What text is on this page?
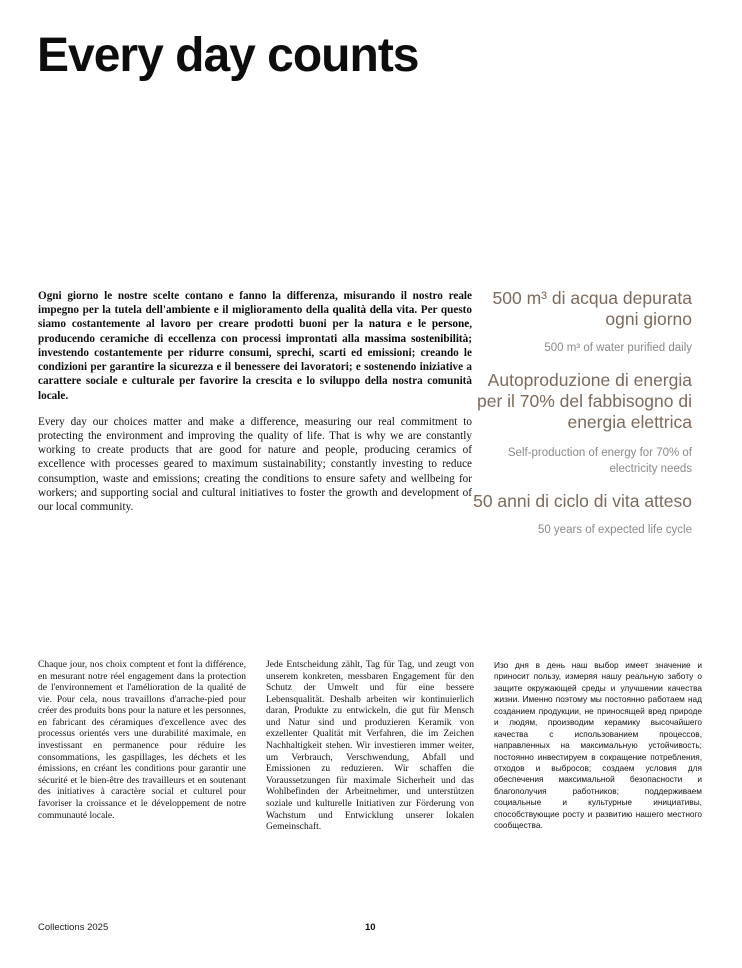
Every day counts

Ogni giorno le nostre scelte contano e fanno la differenza, misurando il nostro reale impegno per la tutela dell'ambiente e il miglioramento della qualità della vita. Per questo siamo costantemente al lavoro per creare prodotti buoni per la natura e le persone, producendo ceramiche di eccellenza con processi improntati alla massima sostenibilità; investendo costantemente per ridurre consumi, sprechi, scarti ed emissioni; creando le condizioni per garantire la sicurezza e il benessere dei lavoratori; e sostenendo iniziative a carattere sociale e culturale per favorire la crescita e lo sviluppo della nostra comunità locale.

Every day our choices matter and make a difference, measuring our real commitment to protecting the environment and improving the quality of life. That is why we are constantly working to create products that are good for nature and people, producing ceramics of excellence with processes geared to maximum sustainability; constantly investing to reduce consumption, waste and emissions; creating the conditions to ensure safety and wellbeing for workers; and supporting social and cultural initiatives to foster the growth and development of our local community.

500 m³ di acqua depurata ogni giorno
500 m³ of water purified daily
Autoproduzione di energia per il 70% del fabbisogno di energia elettrica
Self-production of energy for 70% of electricity needs
50 anni di ciclo di vita atteso
50 years of expected life cycle
Chaque jour, nos choix comptent et font la différence, en mesurant notre réel engagement dans la protection de l'environnement et l'amélioration de la qualité de vie. Pour cela, nous travaillons d'arrache-pied pour créer des produits bons pour la nature et les personnes, en fabricant des céramiques d'excellence avec des processus orientés vers une durabilité maximale, en investissant en permanence pour réduire les consommations, les gaspillages, les déchets et les émissions, en créant les conditions pour garantir une sécurité et le bien-être des travailleurs et en soutenant des initiatives à caractère social et culturel pour favoriser la croissance et le développement de notre communauté locale.
Jede Entscheidung zählt, Tag für Tag, und zeugt von unserem konkreten, messbaren Engagement für den Schutz der Umwelt und für eine bessere Lebensqualität. Deshalb arbeiten wir kontinuierlich daran, Produkte zu entwickeln, die gut für Mensch und Natur sind und produzieren Keramik von exzellenter Qualität mit Verfahren, die im Zeichen Nachhaltigkeit stehen. Wir investieren immer weiter, um Verbrauch, Verschwendung, Abfall und Emissionen zu reduzieren. Wir schaffen die Voraussetzungen für maximale Sicherheit und das Wohlbefinden der Arbeitnehmer, und unterstützen soziale und kulturelle Initiativen zur Förderung von Wachstum und Entwicklung unserer lokalen Gemeinschaft.
Изо дня в день наш выбор имеет значение и приносит пользу, измеряя нашу реальную заботу о защите окружающей среды и улучшении качества жизни. Именно поэтому мы постоянно работаем над созданием продукции, не приносящей вред природе и людям, производим керамику высочайшего качества с использованием процессов, направленных на максимальную устойчивость; постоянно инвестируем в сокращение потребления, отходов и выбросов; создаем условия для обеспечения максимальной безопасности и благополучия работников; поддерживаем социальные и культурные инициативы, способствующие росту и развитию нашего местного сообщества.
Collections 2025	10
